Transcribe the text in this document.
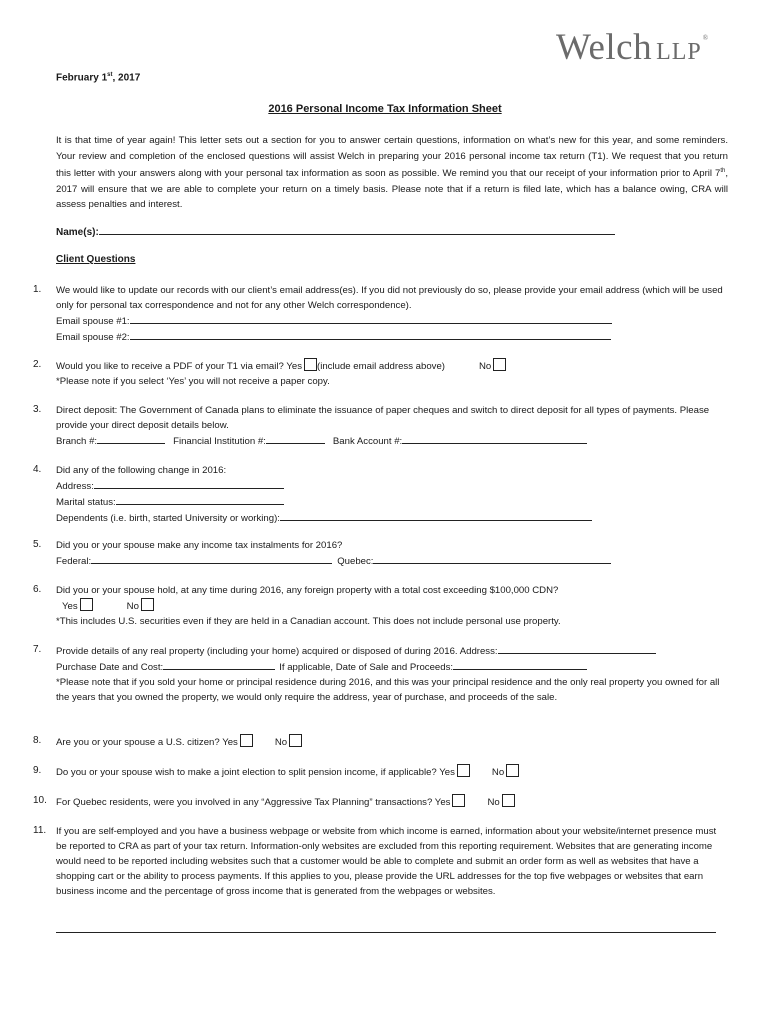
Welch LLP®
February 1st, 2017
2016 Personal Income Tax Information Sheet
It is that time of year again! This letter sets out a section for you to answer certain questions, information on what’s new for this year, and some reminders. Your review and completion of the enclosed questions will assist Welch in preparing your 2016 personal income tax return (T1). We request that you return this letter with your answers along with your personal tax information as soon as possible. We remind you that our receipt of your information prior to April 7th, 2017 will ensure that we are able to complete your return on a timely basis. Please note that if a return is filed late, which has a balance owing, CRA will assess penalties and interest.
Name(s):
Client Questions
1.	We would like to update our records with our client’s email address(es). If you did not previously do so, please provide your email address (which will be used only for personal tax correspondence and not for any other Welch correspondence).
Email spouse #1:
Email spouse #2:
2.	Would you like to receive a PDF of your T1 via email? Yes (include email address above)	No
*Please note if you select ‘Yes’ you will not receive a paper copy.
3.	Direct deposit: The Government of Canada plans to eliminate the issuance of paper cheques and switch to direct deposit for all types of payments. Please provide your direct deposit details below.
Branch #:	Financial Institution #:	Bank Account #:
4.	Did any of the following change in 2016:
Address:
Marital status:
Dependents (i.e. birth, started University or working):
5.	Did you or your spouse make any income tax instalments for 2016?
Federal:	Quebec:
6.	Did you or your spouse hold, at any time during 2016, any foreign property with a total cost exceeding $100,000 CDN?
Yes	No
*This includes U.S. securities even if they are held in a Canadian account. This does not include personal use property.
7.	Provide details of any real property (including your home) acquired or disposed of during 2016. Address:
Purchase Date and Cost:	If applicable, Date of Sale and Proceeds:
*Please note that if you sold your home or principal residence during 2016, and this was your principal residence and the only real property you owned for all the years that you owned the property, we would only require the address, year of purchase, and proceeds of the sale.
8.	Are you or your spouse a U.S. citizen? Yes	No
9.	Do you or your spouse wish to make a joint election to split pension income, if applicable? Yes	No
10. For Quebec residents, were you involved in any “Aggressive Tax Planning” transactions? Yes	No
11.	If you are self-employed and you have a business webpage or website from which income is earned, information about your website/internet presence must be reported to CRA as part of your tax return. Information-only websites are excluded from this reporting requirement. Websites that are generating income would need to be reported including websites such that a customer would be able to complete and submit an order form as well as websites that have a shopping cart or the ability to process payments. If this applies to you, please provide the URL addresses for the top five webpages or websites that earn business income and the percentage of gross income that is generated from the webpages or websites.
